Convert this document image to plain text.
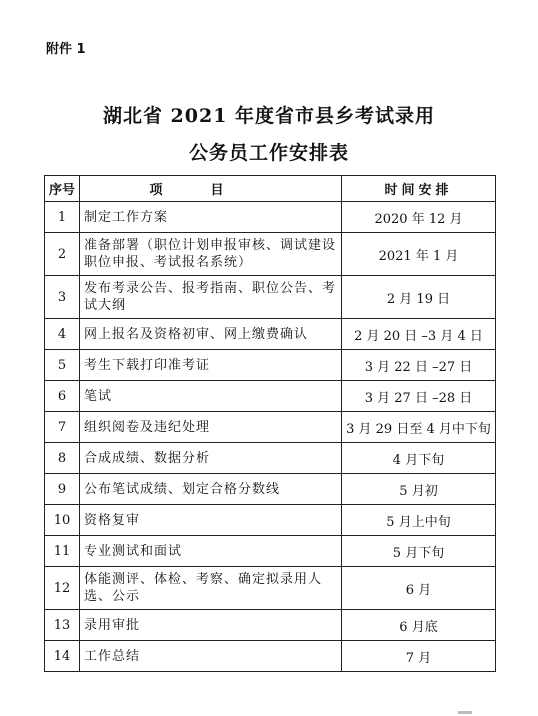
附件 1
湖北省 2021 年度省市县乡考试录用
公务员工作安排表
序号	项目	时间安排
1	制定工作方案	2020 年 12 月
2	准备部署（职位计划申报审核、调试建设职位申报、考试报名系统）	2021 年 1 月
3	发布考录公告、报考指南、职位公告、考试大纲	2 月 19 日
4	网上报名及资格初审、网上缴费确认	2 月 20 日 –3 月 4 日
5	考生下载打印准考证	3 月 22 日 –27 日
6	笔试	3 月 27 日 –28 日
7	组织阅卷及违纪处理	3 月 29 日至 4 月中下旬
8	合成成绩、数据分析	4 月下旬
9	公布笔试成绩、划定合格分数线	5 月初
10	资格复审	5 月上中旬
11	专业测试和面试	5 月下旬
12	体能测评、体检、考察、确定拟录用人选、公示	6 月
13	录用审批	6 月底
14	工作总结	7 月
